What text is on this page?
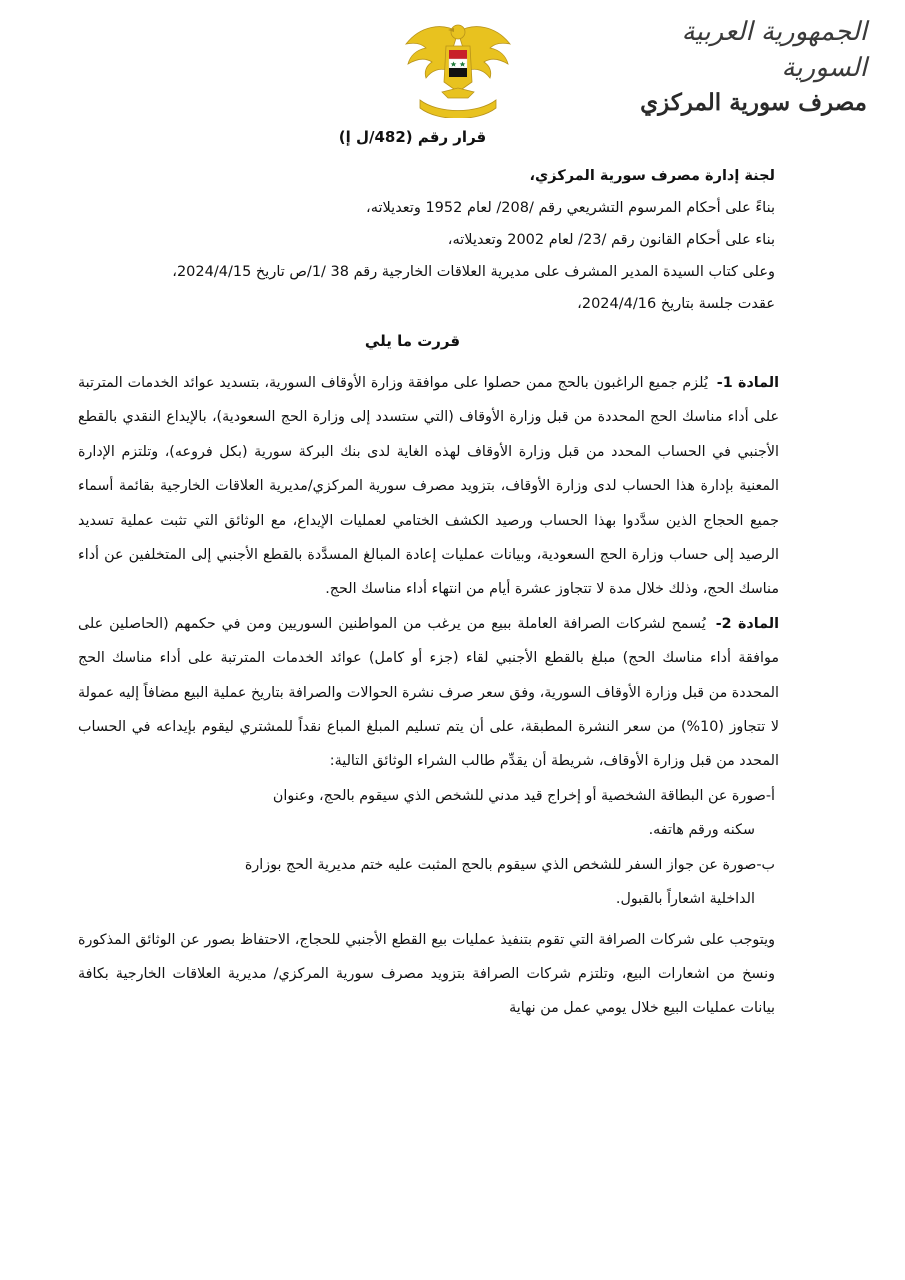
الجمهورية العربية السورية
مصرف سورية المركزي
قرار رقم (482/ل إ)
لجنة إدارة مصرف سورية المركزي،
بناءً على أحكام المرسوم التشريعي رقم /208/ لعام 1952 وتعديلاته،
بناء على أحكام القانون رقم /23/ لعام 2002 وتعديلاته،
وعلى كتاب السيدة المدير المشرف على مديرية العلاقات الخارجية رقم 38 /1/ص تاريخ 2024/4/15،
عقدت جلسة بتاريخ 2024/4/16،
قررت ما يلي

المادة 1- يُلزم جميع الراغبون بالحج ممن حصلوا على موافقة وزارة الأوقاف السورية، بتسديد عوائد الخدمات المترتبة على أداء مناسك الحج المحددة من قبل وزارة الأوقاف (التي ستسدد إلى وزارة الحج السعودية)، بالإيداع النقدي بالقطع الأجنبي في الحساب المحدد من قبل وزارة الأوقاف لهذه الغاية لدى بنك البركة سورية (بكل فروعه)، وتلتزم الإدارة المعنية بإدارة هذا الحساب لدى وزارة الأوقاف، بتزويد مصرف سورية المركزي/مديرية العلاقات الخارجية بقائمة أسماء جميع الحجاج الذين سدَّدوا بهذا الحساب ورصيد الكشف الختامي لعمليات الإيداع، مع الوثائق التي تثبت عملية تسديد الرصيد إلى حساب وزارة الحج السعودية، وبيانات عمليات إعادة المبالغ المسدَّدة بالقطع الأجنبي إلى المتخلفين عن أداء مناسك الحج، وذلك خلال مدة لا تتجاوز عشرة أيام من انتهاء أداء مناسك الحج.

المادة 2- يُسمح لشركات الصرافة العاملة ببيع من يرغب من المواطنين السوريين ومن في حكمهم (الحاصلين على موافقة أداء مناسك الحج) مبلغ بالقطع الأجنبي لقاء (جزء أو كامل) عوائد الخدمات المترتبة على أداء مناسك الحج المحددة من قبل وزارة الأوقاف السورية، وفق سعر صرف نشرة الحوالات والصرافة بتاريخ عملية البيع مضافاً إليه عمولة لا تتجاوز (10%) من سعر النشرة المطبقة، على أن يتم تسليم المبلغ المباع نقداً للمشتري ليقوم بإيداعه في الحساب المحدد من قبل وزارة الأوقاف، شريطة أن يقدِّم طالب الشراء الوثائق التالية:

أ-صورة عن البطاقة الشخصية أو إخراج قيد مدني للشخص الذي سيقوم بالحج، وعنوان
سكنه ورقم هاتفه.
ب-صورة عن جواز السفر للشخص الذي سيقوم بالحج المثبت عليه ختم مديرية الحج بوزارة
الداخلية اشعاراً بالقبول.

ويتوجب على شركات الصرافة التي تقوم بتنفيذ عمليات بيع القطع الأجنبي للحجاج، الاحتفاظ بصور عن الوثائق المذكورة ونسخ من اشعارات البيع، وتلتزم شركات الصرافة بتزويد مصرف سورية المركزي/ مديرية العلاقات الخارجية بكافة بيانات عمليات البيع خلال يومي عمل من نهاية
